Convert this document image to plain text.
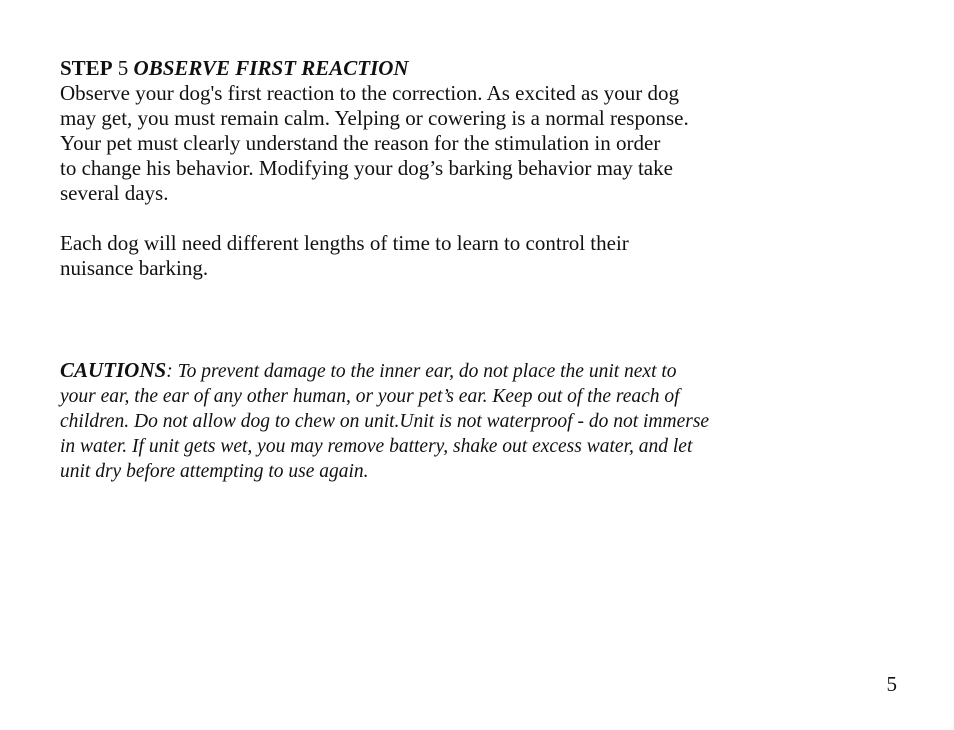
STEP 5 OBSERVE FIRST REACTION

Observe your dog's first reaction to the correction. As excited as your dog
may get, you must remain calm. Yelping or cowering is a normal response.
Your pet must clearly understand the reason for the stimulation in order
to change his behavior. Modifying your dog’s barking behavior may take
several days.
Each dog will need different lengths of time to learn to control their
nuisance barking.

CAUTIONS: To prevent damage to the inner ear, do not place the unit next to
your ear, the ear of any other human, or your pet’s ear. Keep out of the reach of
children. Do not allow dog to chew on unit.Unit is not waterproof - do not immerse
in water. If unit gets wet, you may remove battery, shake out excess water, and let
unit dry before attempting to use again.
5
